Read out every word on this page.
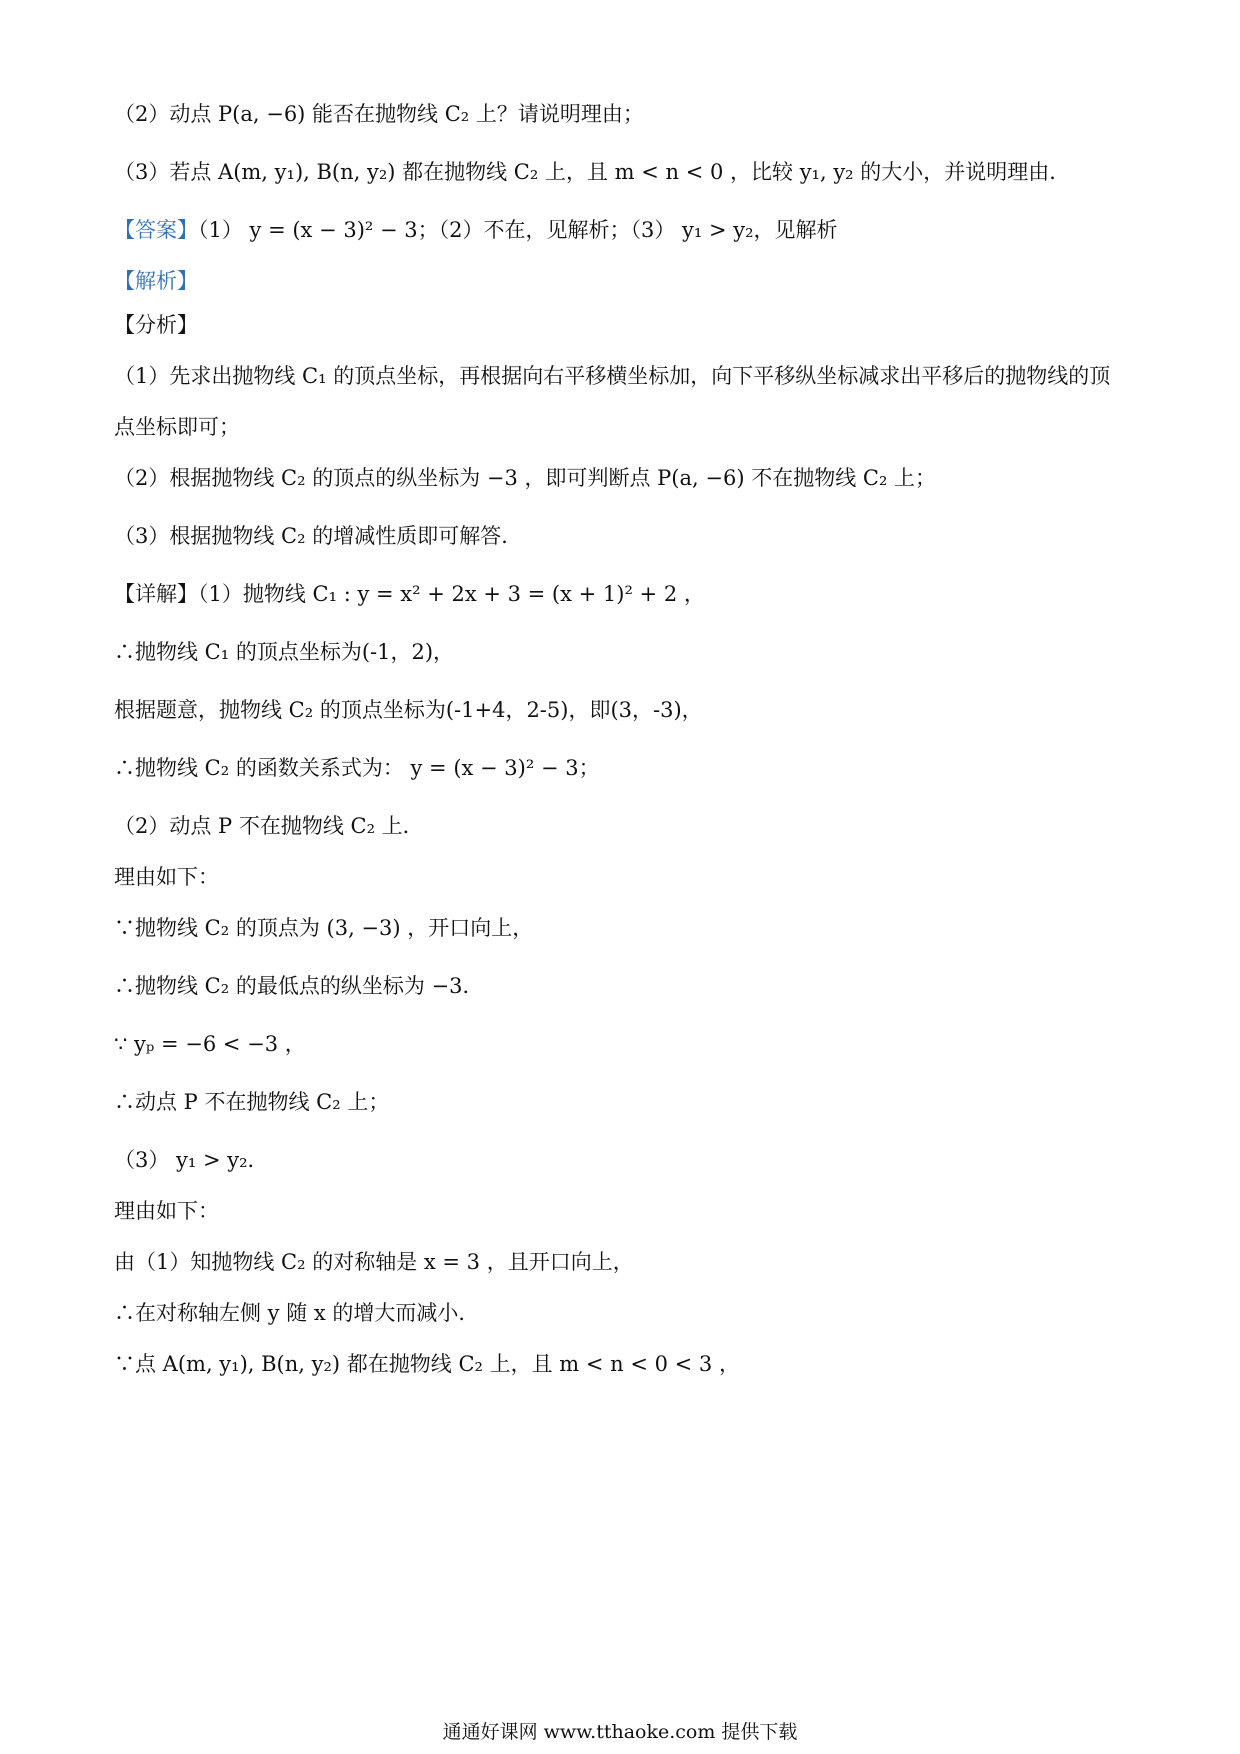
（2）动点 P(a, −6) 能否在抛物线 C₂ 上？请说明理由；
（3）若点 A(m, y₁), B(n, y₂) 都在抛物线 C₂ 上，且 m < n < 0 ，比较 y₁, y₂ 的大小，并说明理由．
【答案】（1） y = (x − 3)² − 3；（2）不在，见解析；（3） y₁ > y₂，见解析
【解析】
【分析】
（1）先求出抛物线 C₁ 的顶点坐标，再根据向右平移横坐标加，向下平移纵坐标减求出平移后的抛物线的顶
点坐标即可；
（2）根据抛物线 C₂ 的顶点的纵坐标为 −3 ，即可判断点 P(a, −6) 不在抛物线 C₂ 上；
（3）根据抛物线 C₂ 的增减性质即可解答．
【详解】（1）抛物线 C₁ : y = x² + 2x + 3 = (x + 1)² + 2 ，
∴抛物线 C₁ 的顶点坐标为(-1，2)，
根据题意，抛物线 C₂ 的顶点坐标为(-1+4，2-5)，即(3，-3)，
∴抛物线 C₂ 的函数关系式为： y = (x − 3)² − 3；
（2）动点 P 不在抛物线 C₂ 上．
理由如下：
∵抛物线 C₂ 的顶点为 (3, −3) ，开口向上，
∴抛物线 C₂ 的最低点的纵坐标为 −3．
∵ yₚ = −6 < −3 ，
∴动点 P 不在抛物线 C₂ 上；
（3） y₁ > y₂．
理由如下：
由（1）知抛物线 C₂ 的对称轴是 x = 3 ，且开口向上，
∴在对称轴左侧 y 随 x 的增大而减小．
∵点 A(m, y₁), B(n, y₂) 都在抛物线 C₂ 上，且 m < n < 0 < 3 ，
通通好课网 www.tthaoke.com 提供下载
